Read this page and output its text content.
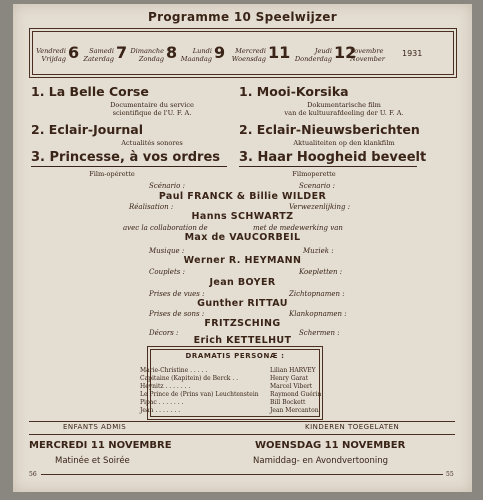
Programme 10 Speelwijzer
Vendredi
Vrijdag 6	Samedi
Zaterdag 7 Dimanche
Zondag 8	Lundi
Maandag 9	Mercredi
Woensdag 11	Jeudi
Donderdag 12
novembre
November
1931
1. La Belle Corse
Documentaire du service
scientifique de l'U. F. A.
2. Eclair-Journal
Actualités sonores
3. Princesse, à vos ordres
Film-opérette
1. Mooi-Korsika
Dokumentarische film
van de kultuurafdeeling der U. F. A.
2. Eclair-Nieuwsberichten
Aktualiteiten op den klankfilm
3. Haar Hoogheid beveelt
Filmoperette
Scénario :	Scenario :
Paul FRANCK & Billie WILDER
Réalisation :	Verwezenlijking :
Hanns SCHWARTZ
avec la collaboration de	met de medewerking van
Max de VAUCORBEIL
Musique :	Muziek :
Werner R. HEYMANN
Couplets :	Koepletten :
Jean BOYER
Prises de vues :	Zichtopnamen :
Gunther RITTAU
Prises de sons :	Klankopnamen :
FRITZSCHING
Décors :	Schermen :
Erich KETTELHUT
DRAMATIS PERSONÆ :
Marie-Christine . . . . .	Lilian HARVEY
Capitaine (Kapitein) de Berck . .	Henry Garat
Heynitz . . . . . . .	Marcel Vibert
Le Prince de (Prins van) Leuchtenstein Raymond Guérin
Pipac . . . . . . .	Bill Bockett
Jean . . . . . . .	Jean Mercanton
ENFANTS ADMIS	KINDEREN TOEGELATEN
MERCREDI 11 NOVEMBRE	WOENSDAG 11 NOVEMBER
Matinée et Soirée	Namiddag- en Avondvertooning
56	55
